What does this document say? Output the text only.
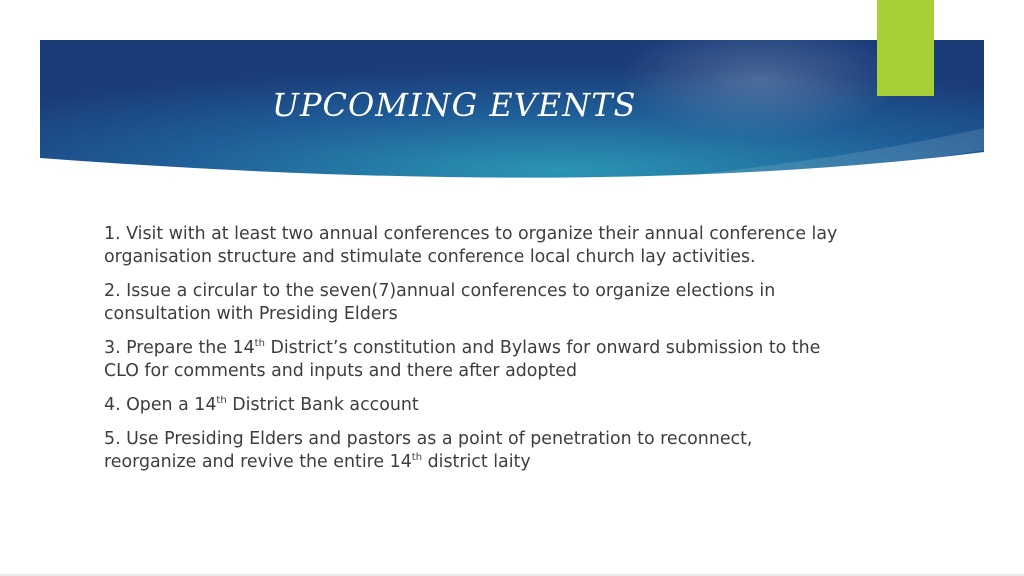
UPCOMING EVENTS
1. Visit with at least two annual conferences to organize their annual conference lay organisation structure and stimulate conference local church lay activities.
2. Issue a circular to the seven(7)annual conferences to organize elections in consultation with Presiding Elders
3. Prepare the 14th District’s constitution and Bylaws for onward submission to the CLO for comments and inputs and there after adopted
4. Open a 14th District Bank account
5. Use Presiding Elders and pastors as a point of penetration to reconnect, reorganize and revive the entire 14th district laity
